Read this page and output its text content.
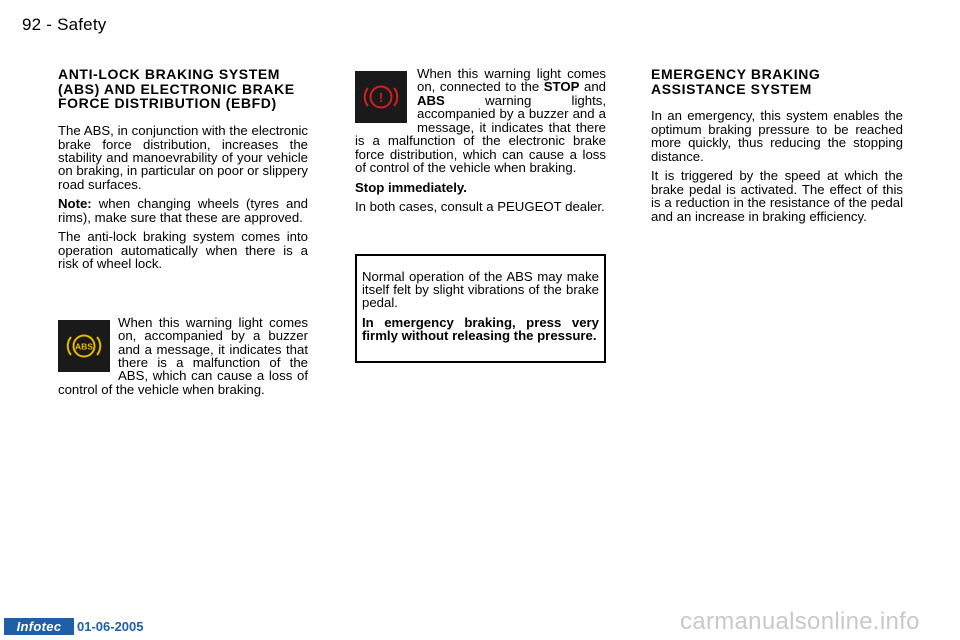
92 - Safety
ANTI-LOCK BRAKING SYSTEM (ABS) AND ELECTRONIC BRAKE FORCE DISTRIBUTION (EBFD)

The ABS, in conjunction with the electronic brake force distribution, increases the stability and manoevrability of your vehicle on braking, in particular on poor or slippery road surfaces.

Note: when changing wheels (tyres and rims), make sure that these are approved.

The anti-lock braking system comes into operation automatically when there is a risk of wheel lock.

ABS

When this warning light comes on, accompanied by a buzzer and a message, it indicates that there is a malfunction of the ABS, which can cause a loss of control of the vehicle when braking.

!

When this warning light comes on, connected to the STOP and ABS warning lights, accompanied by a buzzer and a message, it indicates that there is a malfunction of the electronic brake force distribution, which can cause a loss of control of the vehicle when braking.

Stop immediately.

In both cases, consult a PEUGEOT dealer.

Normal operation of the ABS may make itself felt by slight vibrations of the brake pedal.

In emergency braking, press very firmly without releasing the pressure.

EMERGENCY BRAKING ASSISTANCE SYSTEM

In an emergency, this system enables the optimum braking pressure to be reached more quickly, thus reducing the stopping distance.

It is triggered by the speed at which the brake pedal is activated. The effect of this is a reduction in the resistance of the pedal and an increase in braking efficiency.

Infotec	01-06-2005	carmanualsonline.info
